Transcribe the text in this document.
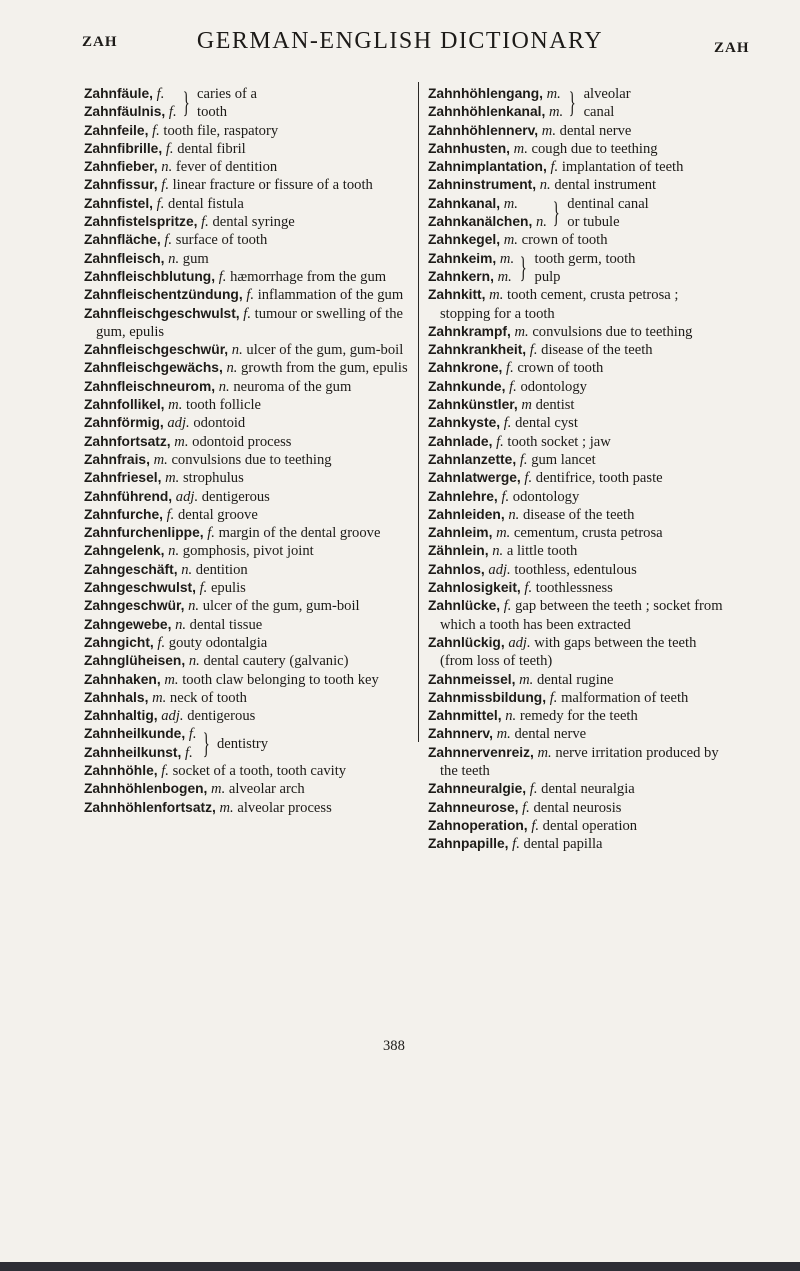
ZAH	GERMAN-ENGLISH DICTIONARY	ZAH
Zahnfäule, f.
Zahnfäulnis, f. } caries of a
tooth
Zahnfeile, f. tooth file, raspatory
Zahnfibrille, f. dental fibril
Zahnfieber, n. fever of dentition
Zahnfissur, f. linear fracture or fissure of a tooth
Zahnfistel, f. dental fistula
Zahnfistelspritze, f. dental syringe
Zahnfläche, f. surface of tooth
Zahnfleisch, n. gum
Zahnfleischblutung, f. hæmorrhage from the gum
Zahnfleischentzündung, f. inflammation of the gum
Zahnfleischgeschwulst, f. tumour or swelling of the gum, epulis
Zahnfleischgeschwür, n. ulcer of the gum, gum-boil
Zahnfleischgewächs, n. growth from the gum, epulis
Zahnfleischneurom, n. neuroma of the gum
Zahnfollikel, m. tooth follicle
Zahnförmig, adj. odontoid
Zahnfortsatz, m. odontoid process
Zahnfrais, m. convulsions due to teething
Zahnfriesel, m. strophulus
Zahnführend, adj. dentigerous
Zahnfurche, f. dental groove
Zahnfurchenlippe, f. margin of the dental groove
Zahngelenk, n. gomphosis, pivot joint
Zahngeschäft, n. dentition
Zahngeschwulst, f. epulis
Zahngeschwür, n. ulcer of the gum, gum-boil
Zahngewebe, n. dental tissue
Zahngicht, f. gouty odontalgia
Zahnglüheisen, n. dental cautery (galvanic)
Zahnhaken, m. tooth claw belonging to tooth key
Zahnhals, m. neck of tooth
Zahnhaltig, adj. dentigerous
Zahnheilkunde, f.
Zahnheilkunst, f. } dentistry
Zahnhöhle, f. socket of a tooth, tooth cavity
Zahnhöhlenbogen, m. alveolar arch
Zahnhöhlenfortsatz, m. alveolar process
Zahnhöhlengang, m.
Zahnhöhlenkanal, m. } alveolar
canal
Zahnhöhlennerv, m. dental nerve
Zahnhusten, m. cough due to teething
Zahnimplantation, f. implantation of teeth
Zahninstrument, n. dental instrument
Zahnkanal, m.
Zahnkanälchen, n. } dentinal canal
or tubule
Zahnkegel, m. crown of tooth
Zahnkeim, m.
Zahnkern, m. } tooth germ, tooth
pulp
Zahnkitt, m. tooth cement, crusta petrosa ; stopping for a tooth
Zahnkrampf, m. convulsions due to teething
Zahnkrankheit, f. disease of the teeth
Zahnkrone, f. crown of tooth
Zahnkunde, f. odontology
Zahnkünstler, m dentist
Zahnkyste, f. dental cyst
Zahnlade, f. tooth socket ; jaw
Zahnlanzette, f. gum lancet
Zahnlatwerge, f. dentifrice, tooth paste
Zahnlehre, f. odontology
Zahnleiden, n. disease of the teeth
Zahnleim, m. cementum, crusta petrosa
Zähnlein, n. a little tooth
Zahnlos, adj. toothless, edentulous
Zahnlosigkeit, f. toothlessness
Zahnlücke, f. gap between the teeth ; socket from which a tooth has been extracted
Zahnlückig, adj. with gaps between the teeth (from loss of teeth)
Zahnmeissel, m. dental rugine
Zahnmissbildung, f. malformation of teeth
Zahnmittel, n. remedy for the teeth
Zahnnerv, m. dental nerve
Zahnnervenreiz, m. nerve irritation produced by the teeth
Zahnneuralgie, f. dental neuralgia
Zahnneurose, f. dental neurosis
Zahnoperation, f. dental operation
Zahnpapille, f. dental papilla
388
